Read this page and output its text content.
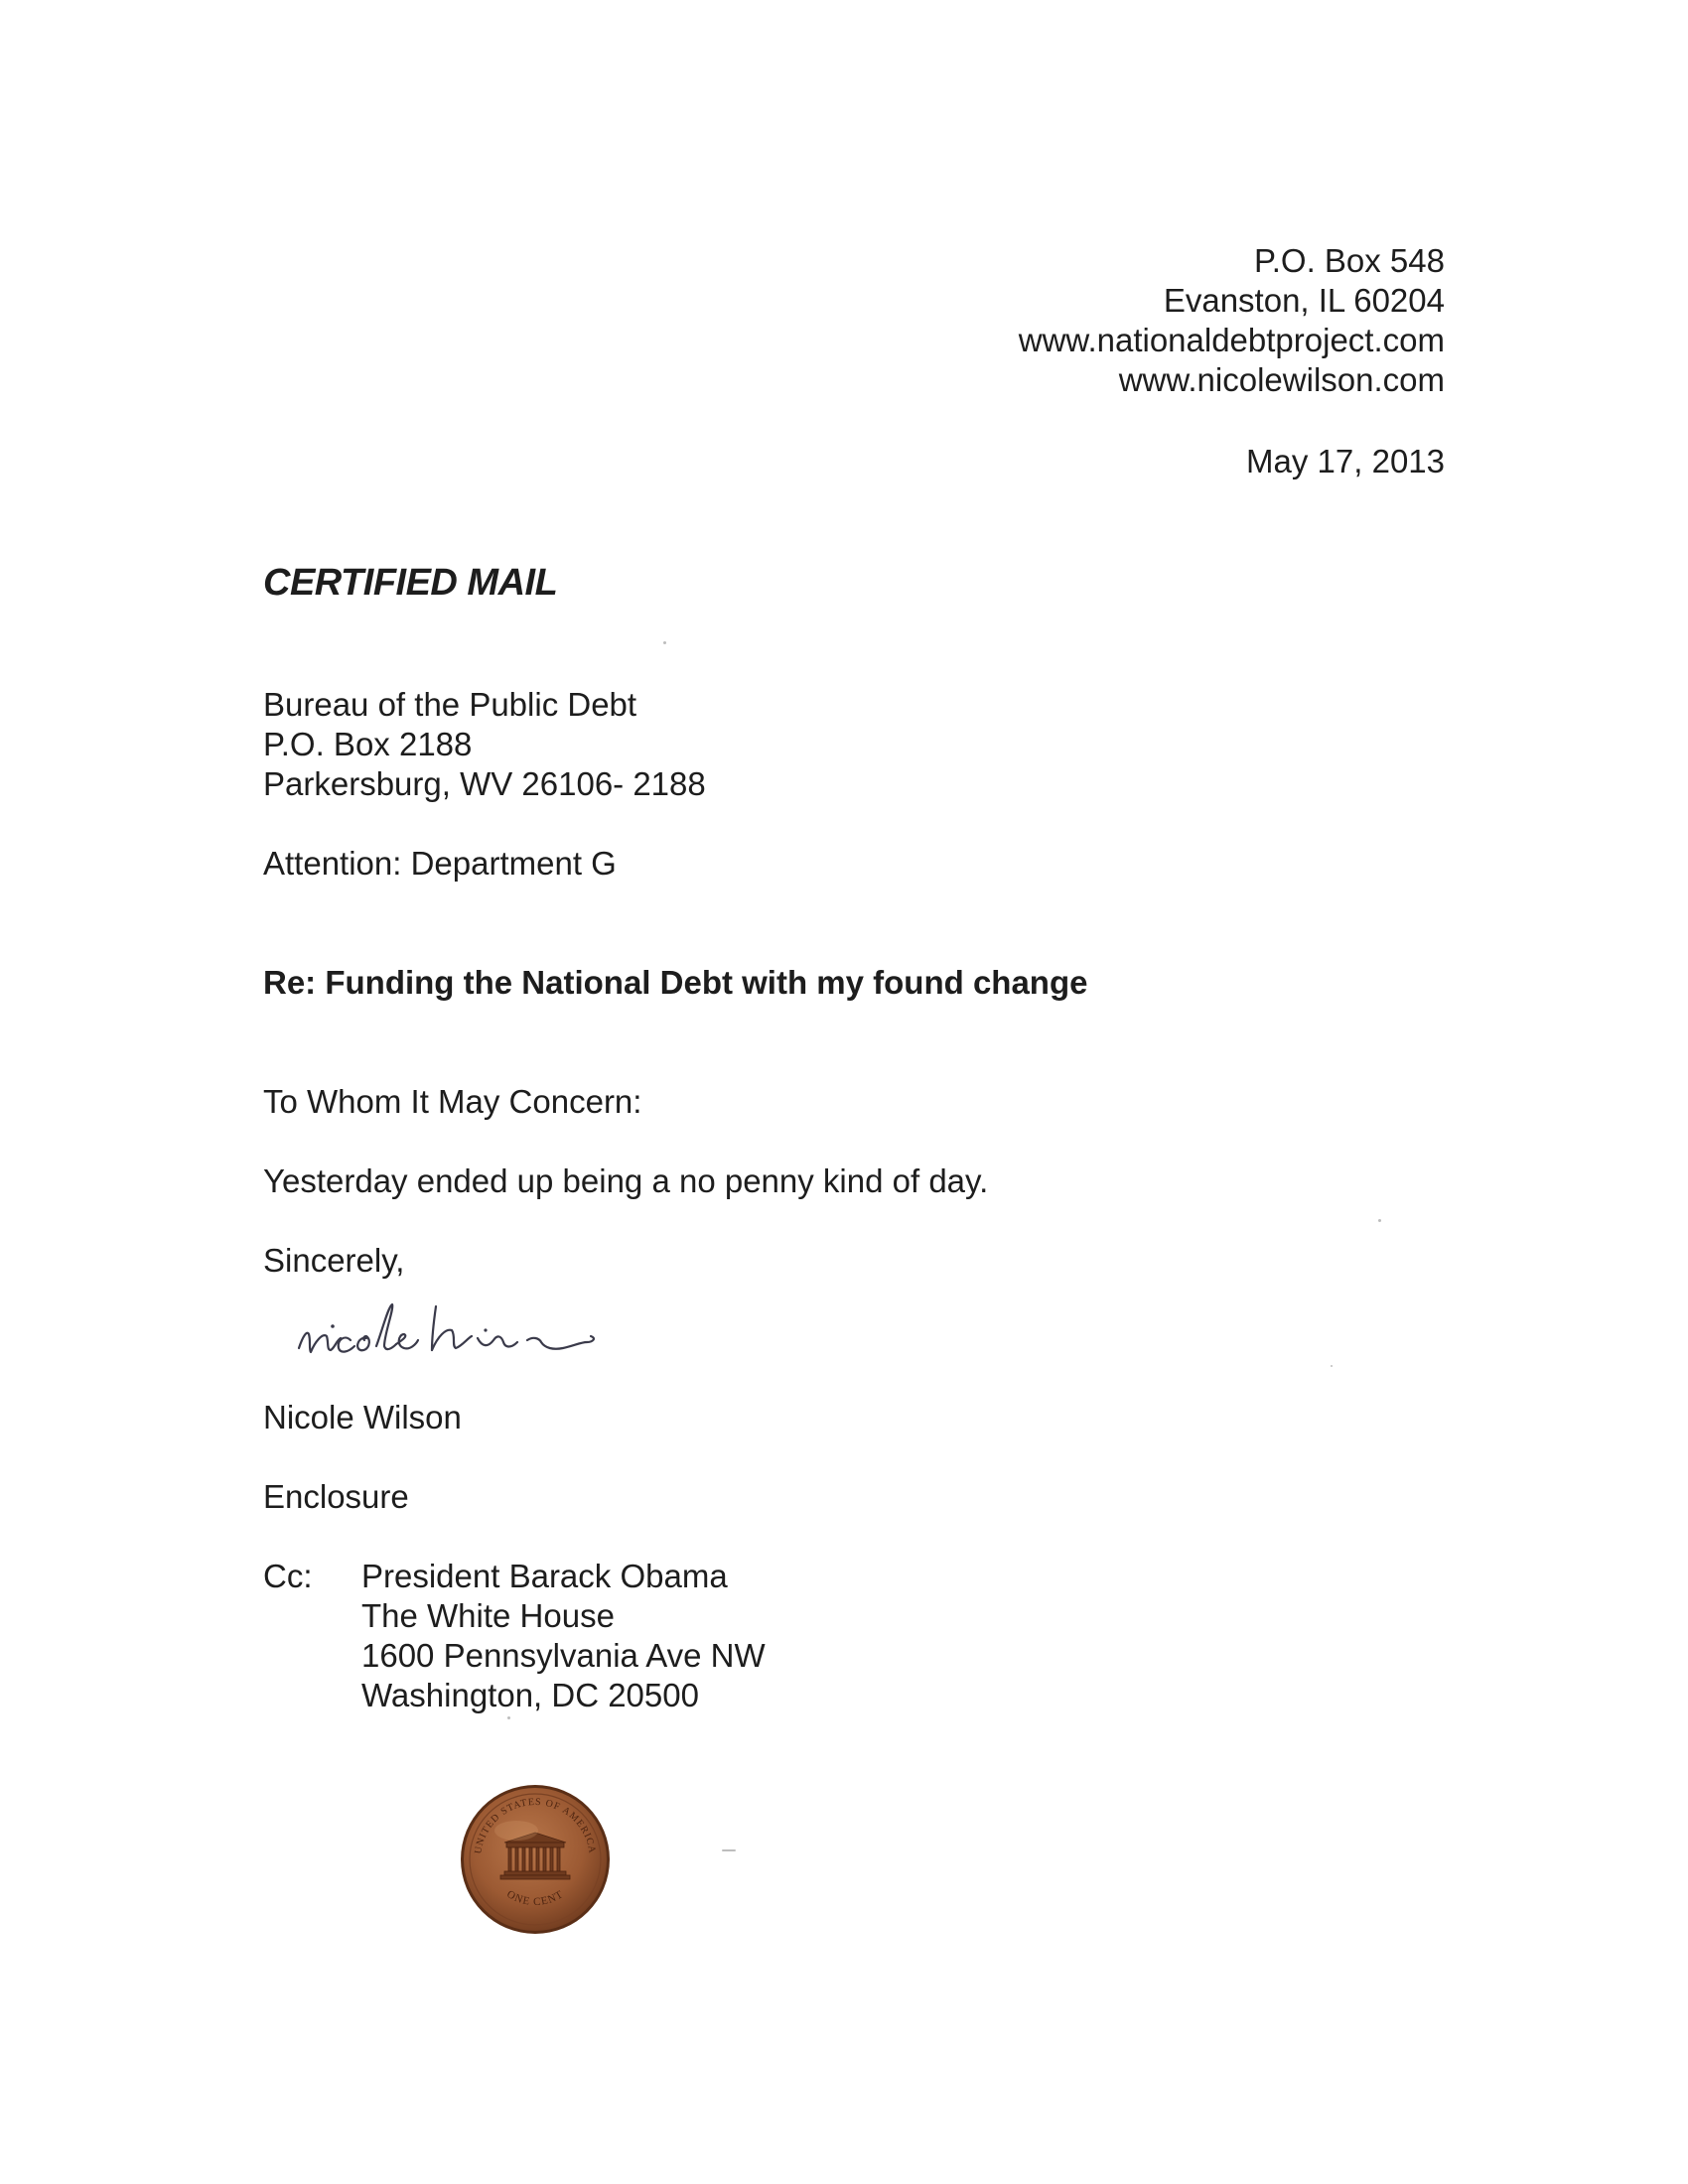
P.O. Box 548
Evanston, IL 60204
www.nationaldebtproject.com
www.nicolewilson.com
May 17, 2013
CERTIFIED MAIL
Bureau of the Public Debt
P.O. Box 2188
Parkersburg, WV 26106- 2188
Attention: Department G
Re: Funding the National Debt with my found change
To Whom It May Concern:
Yesterday ended up being a no penny kind of day.
Sincerely,
Nicole Wilson
Enclosure
Cc: President Barack Obama
The White House
1600 Pennsylvania Ave NW
Washington, DC 20500
UNITED STATES OF AMERICA
ONE CENT
